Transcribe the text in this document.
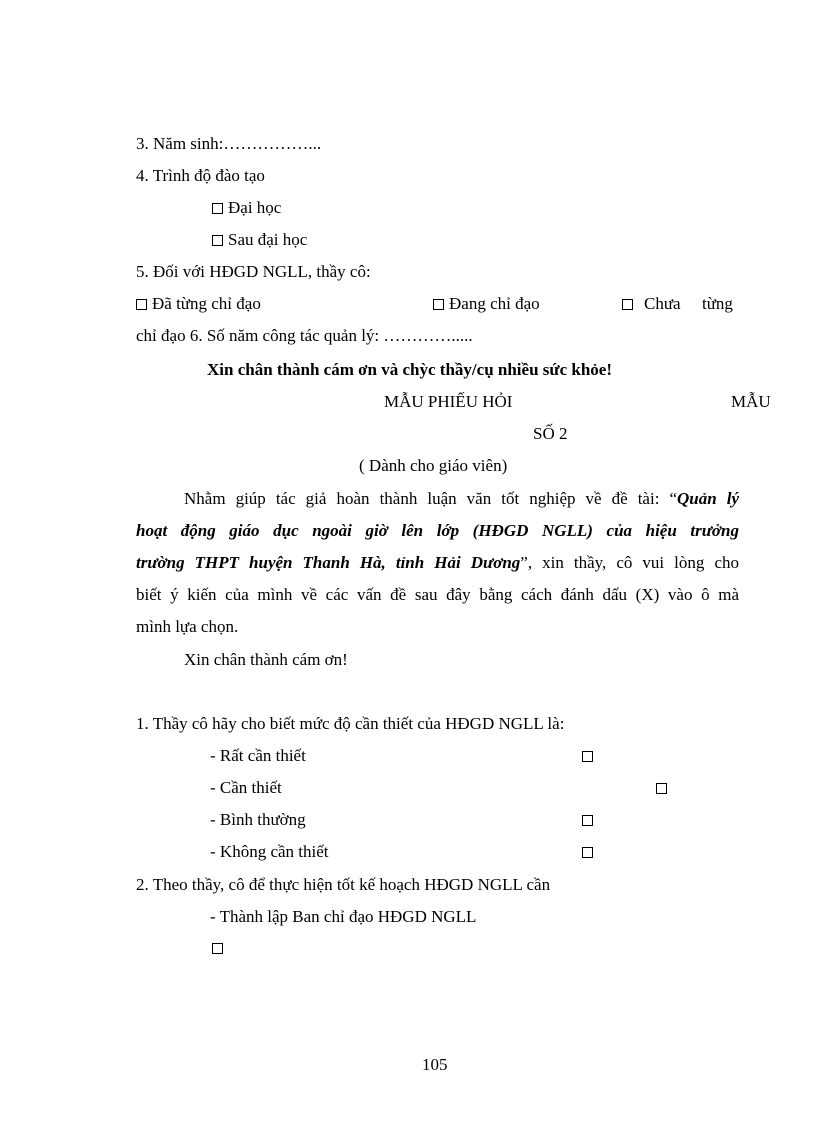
3. Năm sinh:……………...
4. Trình độ đào tạo
Đại học
Sau đại học
5. Đối với HĐGD NGLL, thầy cô:
Đã từng chỉ đạo	Đang chỉ đạo	Chưa từng
chỉ đạo 6. Số năm công tác quản lý: ………….....
Xin chân thành cám ơn và chỳc thầy/cụ nhiều sức khỏe!
MẪU PHIẾU HỎI	MẪU
SỐ 2
( Dành cho giáo viên)
Nhằm giúp tác giả hoàn thành luận văn tốt nghiệp về đề tài: “Quản lý
hoạt động giáo dục ngoài giờ lên lớp (HĐGD NGLL) của hiệu trưởng
trường THPT huyện Thanh Hà, tỉnh Hải Dương”, xin thầy, cô vui lòng cho
biết ý kiến của mình về các vấn đề sau đây bằng cách đánh dấu (X) vào ô mà
mình lựa chọn.
Xin chân thành cám ơn!
1. Thầy cô hãy cho biết mức độ cần thiết của HĐGD NGLL là:
- Rất cần thiết
- Cần thiết
- Bình thường
- Không cần thiết
2. Theo thầy, cô để thực hiện tốt kế hoạch HĐGD NGLL cần
- Thành lập Ban chỉ đạo HĐGD NGLL
105
